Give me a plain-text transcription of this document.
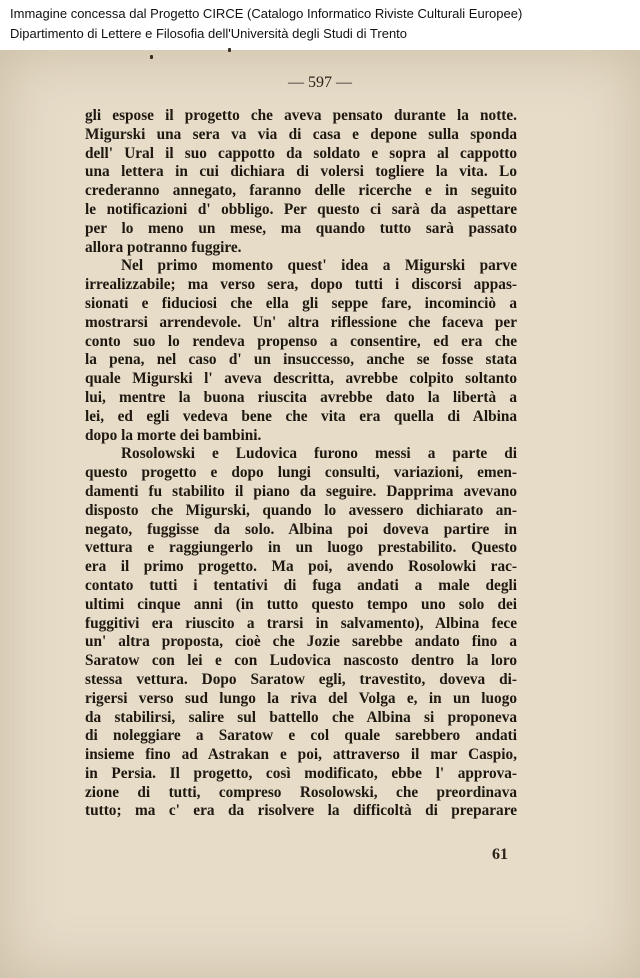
Immagine concessa dal Progetto CIRCE (Catalogo Informatico Riviste Culturali Europee)
Dipartimento di Lettere e Filosofia dell'Università degli Studi di Trento
— 597 —
gli espose il progetto che aveva pensato durante la notte.
Migurski una sera va via di casa e depone sulla sponda
dell' Ural il suo cappotto da soldato e sopra al cappotto
una lettera in cui dichiara di volersi togliere la vita. Lo
crederanno annegato, faranno delle ricerche e in seguito
le notificazioni d' obbligo. Per questo ci sarà da aspettare
per lo meno un mese, ma quando tutto sarà passato
allora potranno fuggire.
Nel primo momento quest' idea a Migurski parve
irrealizzabile; ma verso sera, dopo tutti i discorsi appas-
sionati e fiduciosi che ella gli seppe fare, incominciò a
mostrarsi arrendevole. Un' altra riflessione che faceva per
conto suo lo rendeva propenso a consentire, ed era che
la pena, nel caso d' un insuccesso, anche se fosse stata
quale Migurski l' aveva descritta, avrebbe colpito soltanto
lui, mentre la buona riuscita avrebbe dato la libertà a
lei, ed egli vedeva bene che vita era quella di Albina
dopo la morte dei bambini.
Rosolowski e Ludovica furono messi a parte di
questo progetto e dopo lungi consulti, variazioni, emen-
damenti fu stabilito il piano da seguire. Dapprima avevano
disposto che Migurski, quando lo avessero dichiarato an-
negato, fuggisse da solo. Albina poi doveva partire in
vettura e raggiungerlo in un luogo prestabilito. Questo
era il primo progetto. Ma poi, avendo Rosolowki rac-
contato tutti i tentativi di fuga andati a male degli
ultimi cinque anni (in tutto questo tempo uno solo dei
fuggitivi era riuscito a trarsi in salvamento), Albina fece
un' altra proposta, cioè che Jozie sarebbe andato fino a
Saratow con lei e con Ludovica nascosto dentro la loro
stessa vettura. Dopo Saratow egli, travestito, doveva di-
rigersi verso sud lungo la riva del Volga e, in un luogo
da stabilirsi, salire sul battello che Albina si proponeva
di noleggiare a Saratow e col quale sarebbero andati
insieme fino ad Astrakan e poi, attraverso il mar Caspio,
in Persia. Il progetto, così modificato, ebbe l' approva-
zione di tutti, compreso Rosolowski, che preordinava
tutto; ma c' era da risolvere la difficoltà di preparare
61
